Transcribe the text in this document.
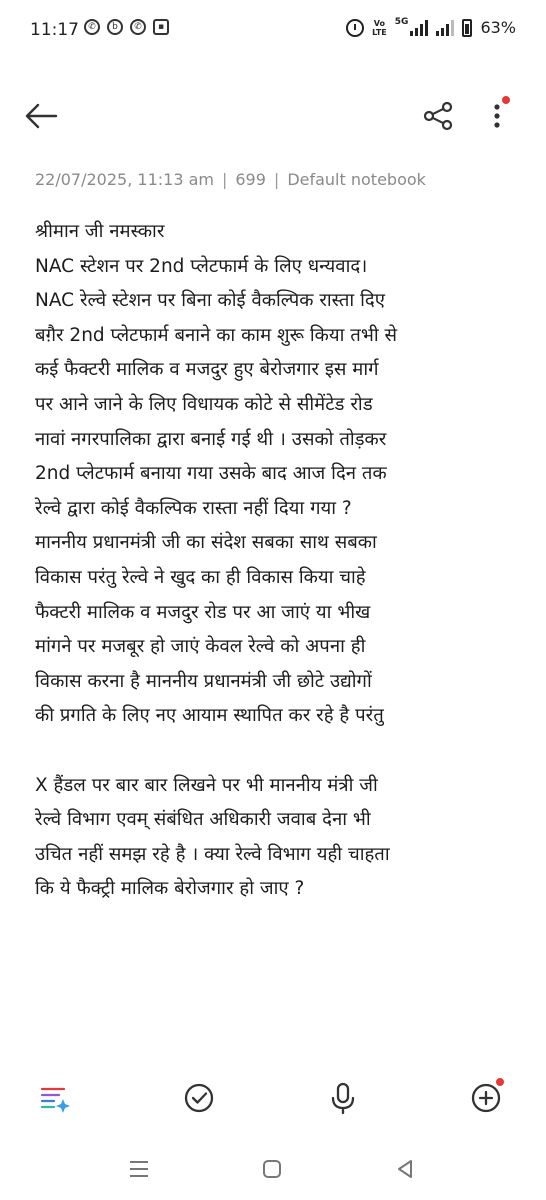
11:17	✆	b	✆	▪	Vo
LTE
5G	63%
22/07/2025, 11:13 am | 699 | Default notebook
श्रीमान जी नमस्कार
NAC स्टेशन पर 2nd प्लेटफार्म के लिए धन्यवाद।
NAC रेल्वे स्टेशन पर बिना कोई वैकल्पिक रास्ता दिए
बग़ैर 2nd प्लेटफार्म बनाने का काम शुरू किया तभी से
कई फैक्टरी मालिक व मजदुर हुए बेरोजगार इस मार्ग
पर आने जाने के लिए विधायक कोटे से सीमेंटेड रोड
नावां नगरपालिका द्वारा बनाई गई थी । उसको तोड़कर
2nd प्लेटफार्म बनाया गया उसके बाद आज दिन तक
रेल्वे द्वारा कोई वैकल्पिक रास्ता नहीं दिया गया ?
माननीय प्रधानमंत्री जी का संदेश सबका साथ सबका
विकास परंतु रेल्वे ने खुद का ही विकास किया चाहे
फैक्टरी मालिक व मजदुर रोड पर आ जाएं या भीख
मांगने पर मजबूर हो जाएं केवल रेल्वे को अपना ही
विकास करना है माननीय प्रधानमंत्री जी छोटे उद्योगों
की प्रगति के लिए नए आयाम स्थापित कर रहे है परंतु
X हैंडल पर बार बार लिखने पर भी माननीय मंत्री जी
रेल्वे विभाग एवम् संबंधित अधिकारी जवाब देना भी
उचित नहीं समझ रहे है । क्या रेल्वे विभाग यही चाहता
कि ये फैक्ट्री मालिक बेरोजगार हो जाए ?
